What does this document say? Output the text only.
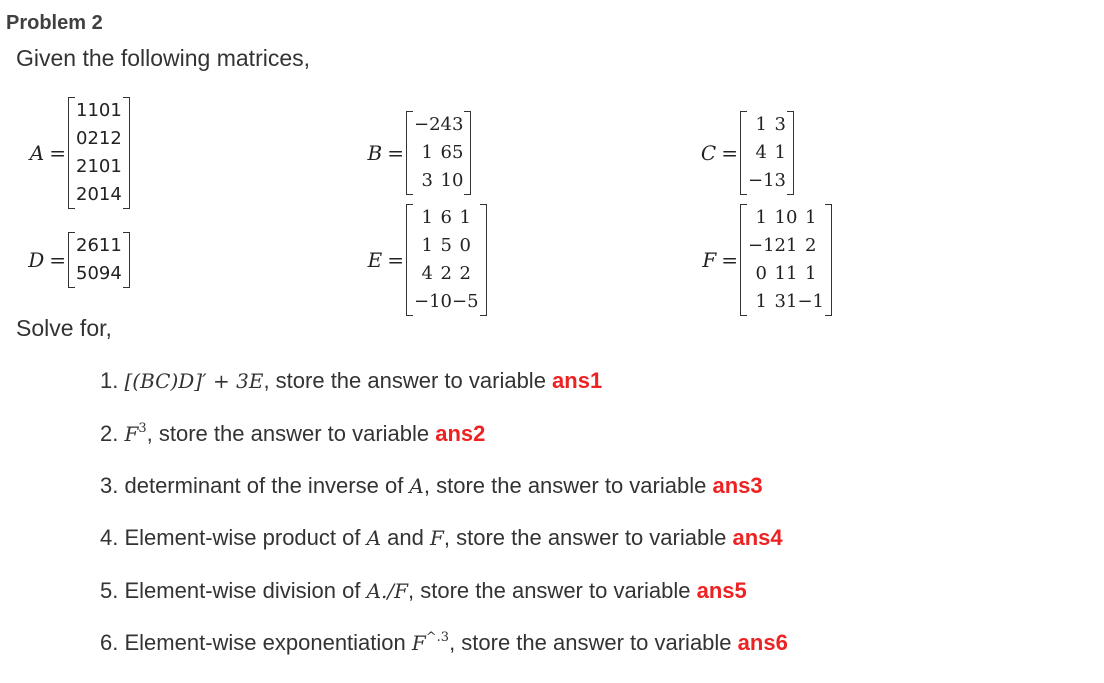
Problem 2
Given the following matrices,
A =
1	1	0	1
0	2	1	2
2	1	0	1
2	0	1	4
B =
−2	4	3
1	6	5
3	1	0
C =
1	3
4	1
−1	3
D =
2	6	1	1
5	0	9	4
E =
1	6	1
1	5	0
4	2	2
−1	0	−5
F =
1	1	0	1
−1	2	1	2
0	1	1	1
1	3	1	−1
Solve for,
1. [(BC)D]′ + 3E, store the answer to variable ans1
2. $F^3$, store the answer to variable ans2
3. determinant of the inverse of A, store the answer to variable ans3
4. Element-wise product of A and F, store the answer to variable ans4
5. Element-wise division of A./F, store the answer to variable ans5
6. Element-wise exponentiation $F^{\^{}.3}$, store the answer to variable ans6
